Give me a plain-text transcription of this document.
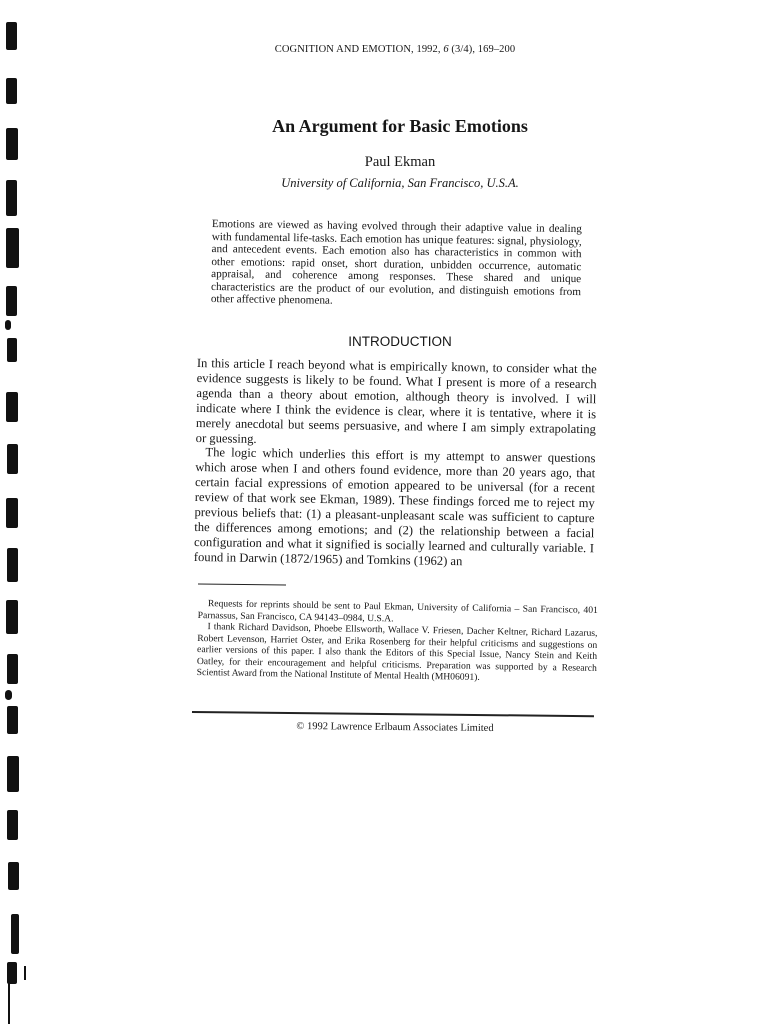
COGNITION AND EMOTION, 1992, 6 (3/4), 169–200
An Argument for Basic Emotions
Paul Ekman
University of California, San Francisco, U.S.A.
Emotions are viewed as having evolved through their adaptive value in dealing with fundamental life-tasks. Each emotion has unique features: signal, physiology, and antecedent events. Each emotion also has characteristics in common with other emotions: rapid onset, short duration, unbidden occurrence, automatic appraisal, and coherence among responses. These shared and unique characteristics are the product of our evolution, and distinguish emotions from other affective phenomena.
INTRODUCTION

In this article I reach beyond what is empirically known, to consider what the evidence suggests is likely to be found. What I present is more of a research agenda than a theory about emotion, although theory is involved. I will indicate where I think the evidence is clear, where it is tentative, where it is merely anecdotal but seems persuasive, and where I am simply extrapolating or guessing.

The logic which underlies this effort is my attempt to answer questions which arose when I and others found evidence, more than 20 years ago, that certain facial expressions of emotion appeared to be universal (for a recent review of that work see Ekman, 1989). These findings forced me to reject my previous beliefs that: (1) a pleasant-unpleasant scale was sufficient to capture the differences among emotions; and (2) the relationship between a facial configuration and what it signified is socially learned and culturally variable. I found in Darwin (1872/1965) and Tomkins (1962) an

Requests for reprints should be sent to Paul Ekman, University of California – San Francisco, 401 Parnassus, San Francisco, CA 94143–0984, U.S.A.

I thank Richard Davidson, Phoebe Ellsworth, Wallace V. Friesen, Dacher Keltner, Richard Lazarus, Robert Levenson, Harriet Oster, and Erika Rosenberg for their helpful criticisms and suggestions on earlier versions of this paper. I also thank the Editors of this Special Issue, Nancy Stein and Keith Oatley, for their encouragement and helpful criticisms. Preparation was supported by a Research Scientist Award from the National Institute of Mental Health (MH06091).

© 1992 Lawrence Erlbaum Associates Limited
